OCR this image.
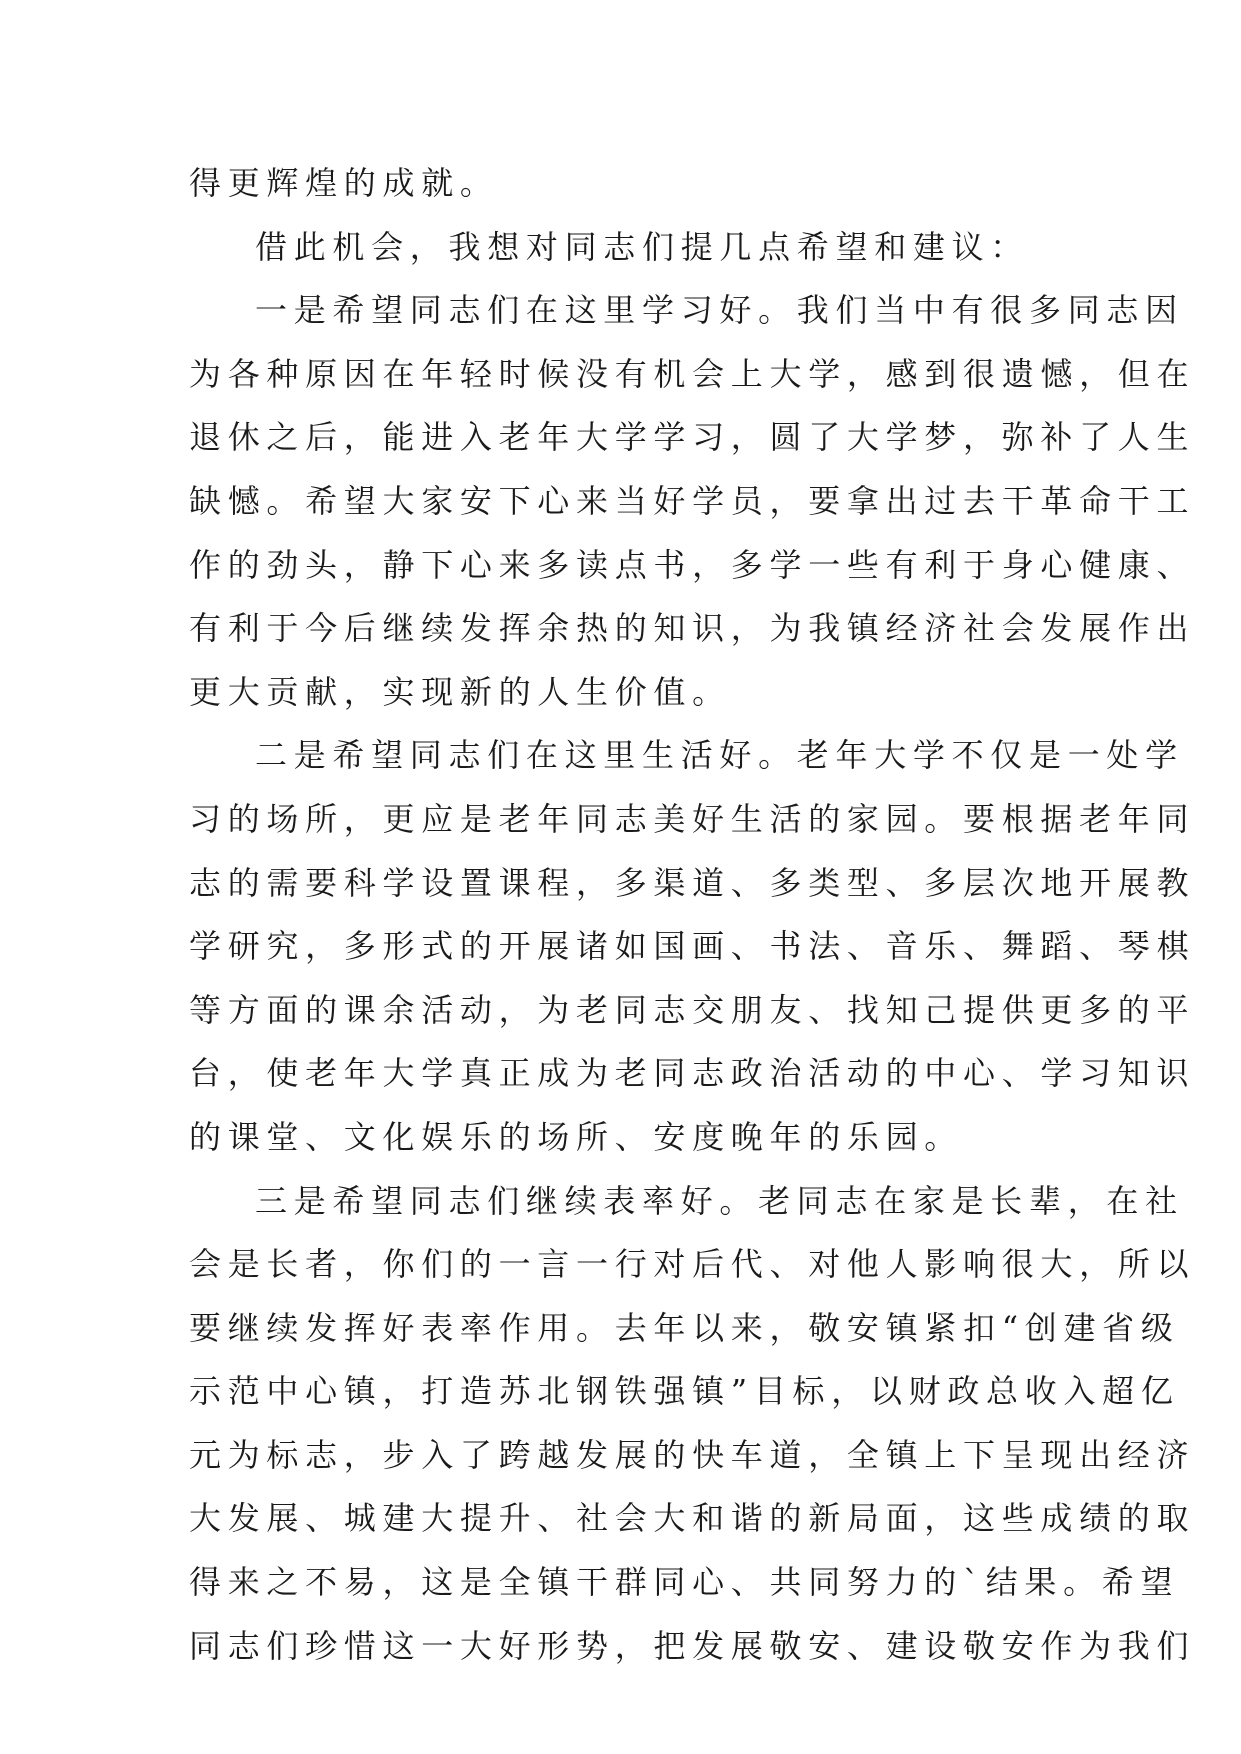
得更辉煌的成就。
借此机会，我想对同志们提几点希望和建议：
一是希望同志们在这里学习好。我们当中有很多同志因
为各种原因在年轻时候没有机会上大学，感到很遗憾，但在
退休之后，能进入老年大学学习，圆了大学梦，弥补了人生
缺憾。希望大家安下心来当好学员，要拿出过去干革命干工
作的劲头，静下心来多读点书，多学一些有利于身心健康、
有利于今后继续发挥余热的知识，为我镇经济社会发展作出
更大贡献，实现新的人生价值。
二是希望同志们在这里生活好。老年大学不仅是一处学
习的场所，更应是老年同志美好生活的家园。要根据老年同
志的需要科学设置课程，多渠道、多类型、多层次地开展教
学研究，多形式的开展诸如国画、书法、音乐、舞蹈、琴棋
等方面的课余活动，为老同志交朋友、找知己提供更多的平
台，使老年大学真正成为老同志政治活动的中心、学习知识
的课堂、文化娱乐的场所、安度晚年的乐园。
三是希望同志们继续表率好。老同志在家是长辈，在社
会是长者，你们的一言一行对后代、对他人影响很大，所以
要继续发挥好表率作用。去年以来，敬安镇紧扣“创建省级
示范中心镇，打造苏北钢铁强镇”目标，以财政总收入超亿
元为标志，步入了跨越发展的快车道，全镇上下呈现出经济
大发展、城建大提升、社会大和谐的新局面，这些成绩的取
得来之不易，这是全镇干群同心、共同努力的`结果。希望
同志们珍惜这一大好形势，把发展敬安、建设敬安作为我们
